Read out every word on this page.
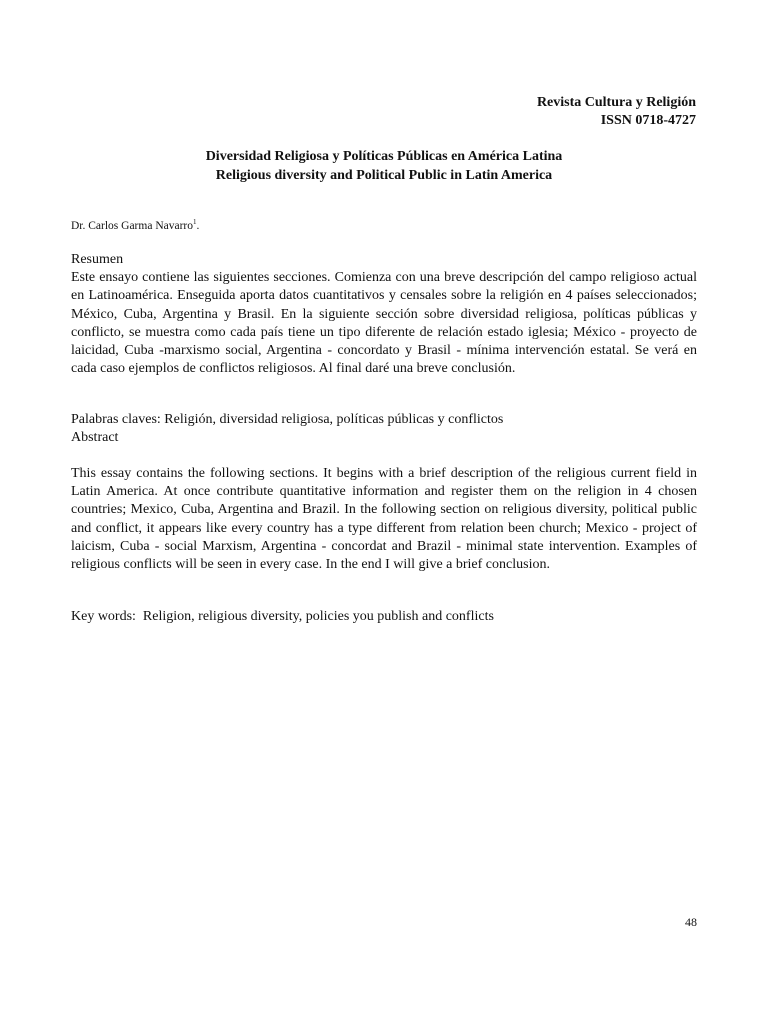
Revista Cultura y Religión
ISSN 0718-4727
Diversidad Religiosa y Políticas Públicas en América Latina
Religious diversity and Political Public in Latin America
Dr. Carlos Garma Navarro$^1$.
Resumen

Este ensayo contiene las siguientes secciones. Comienza con una breve descripción del campo religioso actual en Latinoamérica. Enseguida aporta datos cuantitativos y censales sobre la religión en 4 países seleccionados; México, Cuba, Argentina y Brasil. En la siguiente sección sobre diversidad religiosa, políticas públicas y conflicto, se muestra como cada país tiene un tipo diferente de relación estado iglesia; México - proyecto de laicidad, Cuba -marxismo social, Argentina - concordato y Brasil - mínima intervención estatal. Se verá en cada caso ejemplos de conflictos religiosos. Al final daré una breve conclusión.

Palabras claves: Religión, diversidad religiosa, políticas públicas y conflictos
Abstract

This essay contains the following sections. It begins with a brief description of the religious current field in Latin America. At once contribute quantitative information and register them on the religion in 4 chosen countries; Mexico, Cuba, Argentina and Brazil. In the following section on religious diversity, political public and conflict, it appears like every country has a type different from relation been church; Mexico - project of laicism, Cuba - social Marxism, Argentina - concordat and Brazil - minimal state intervention. Examples of religious conflicts will be seen in every case. In the end I will give a brief conclusion.

Key words:  Religion, religious diversity, policies you publish and conflicts
48
